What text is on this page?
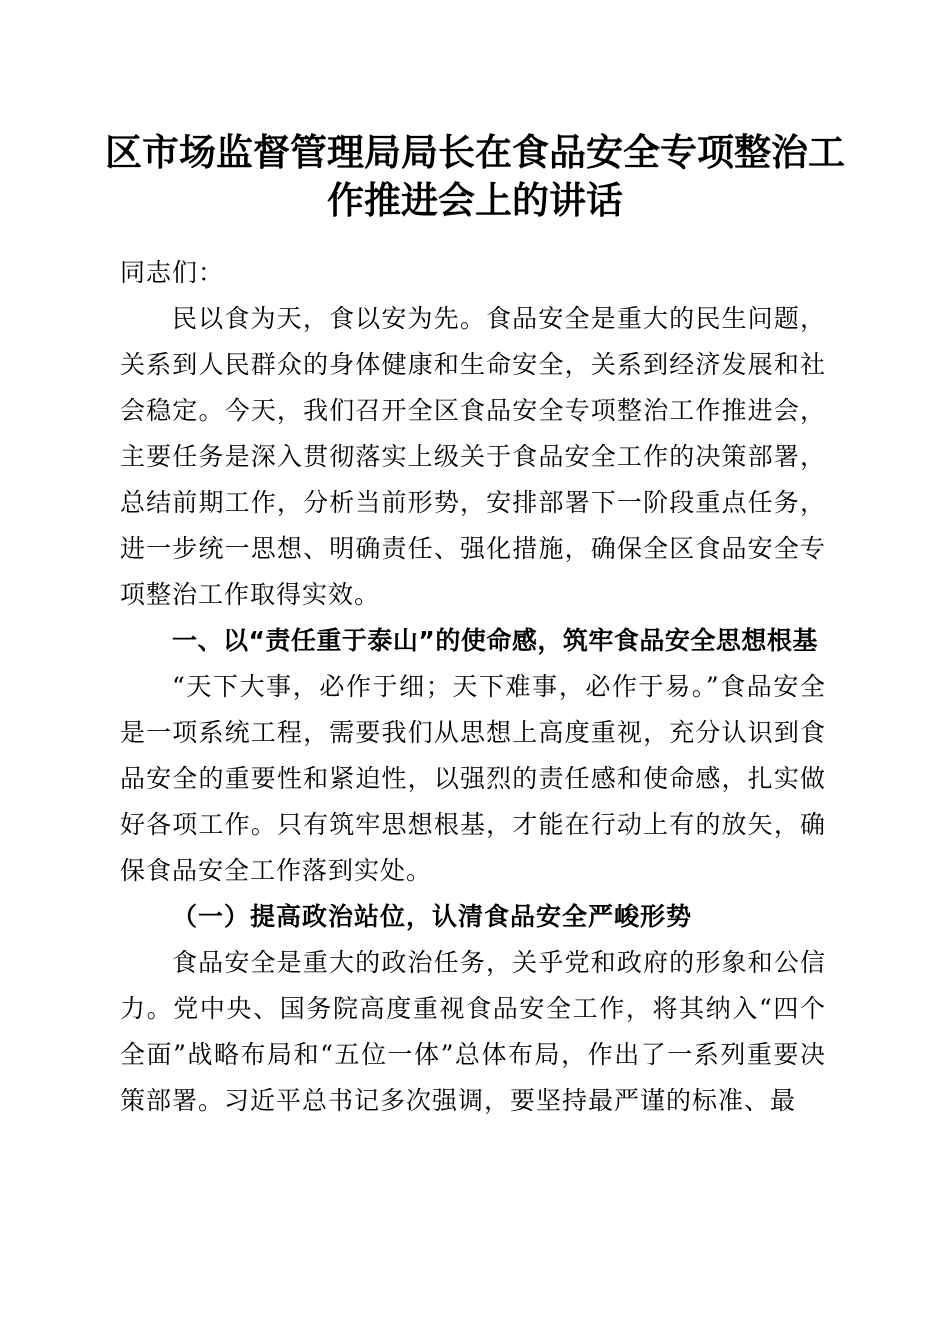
区市场监督管理局局长在食品安全专项整治工作推进会上的讲话

同志们：

民以食为天，食以安为先。食品安全是重大的民生问题，关系到人民群众的身体健康和生命安全，关系到经济发展和社会稳定。今天，我们召开全区食品安全专项整治工作推进会，主要任务是深入贯彻落实上级关于食品安全工作的决策部署，总结前期工作，分析当前形势，安排部署下一阶段重点任务，进一步统一思想、明确责任、强化措施，确保全区食品安全专项整治工作取得实效。

一、以“责任重于泰山”的使命感，筑牢食品安全思想根基

“天下大事，必作于细；天下难事，必作于易。”食品安全是一项系统工程，需要我们从思想上高度重视，充分认识到食品安全的重要性和紧迫性，以强烈的责任感和使命感，扎实做好各项工作。只有筑牢思想根基，才能在行动上有的放矢，确保食品安全工作落到实处。

（一）提高政治站位，认清食品安全严峻形势

食品安全是重大的政治任务，关乎党和政府的形象和公信力。党中央、国务院高度重视食品安全工作，将其纳入“四个全面”战略布局和“五位一体”总体布局，作出了一系列重要决策部署。习近平总书记多次强调，要坚持最严谨的标准、最
